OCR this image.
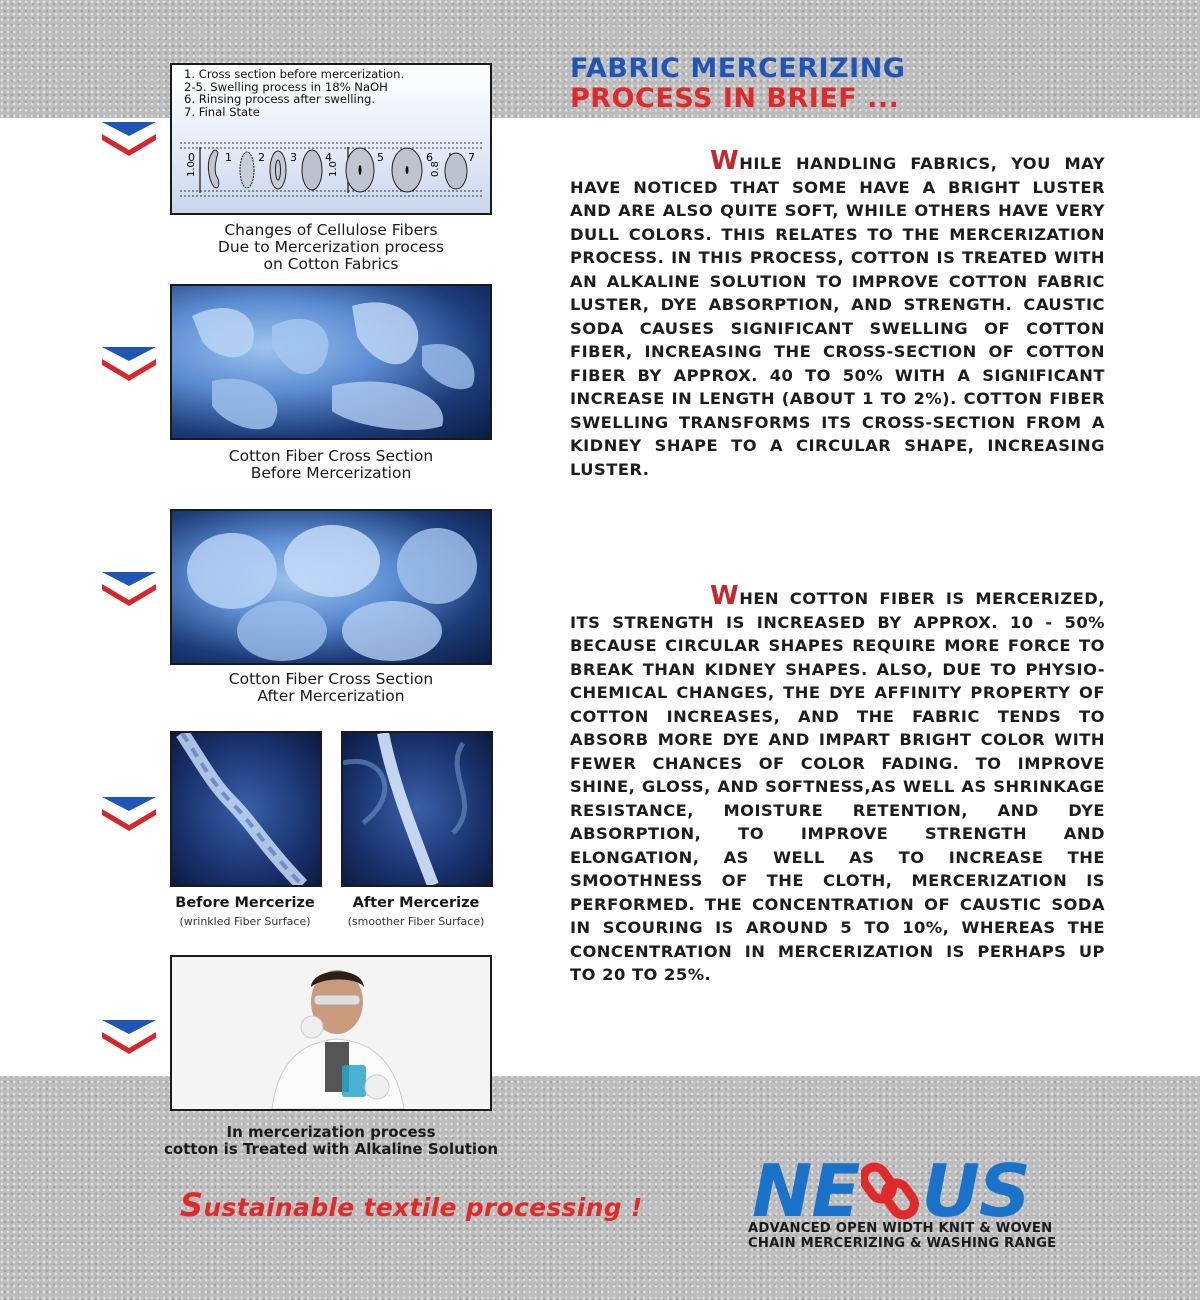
1. Cross section before mercerization.
2-5. Swelling process in 18% NaOH
6. Rinsing process after swelling.
7. Final State
0	1 2 3	4	5	6	7
1.0	1.0	0.8
Changes of Cellulose Fibers
Due to Mercerization process
on Cotton Fabrics
Cotton Fiber Cross Section
Before Mercerization
Cotton Fiber Cross Section
After Mercerization
Before Mercerize
(wrinkled Fiber Surface)
After Mercerize
(smoother Fiber Surface)
In mercerization process
cotton is Treated with Alkaline Solution
FABRIC MERCERIZING
PROCESS IN BRIEF ...
WHILE HANDLING FABRICS, YOU MAY HAVE NOTICED THAT SOME HAVE A BRIGHT LUSTER AND ARE ALSO QUITE SOFT, WHILE OTHERS HAVE VERY DULL COLORS. THIS RELATES TO THE MERCERIZATION PROCESS. IN THIS PROCESS, COTTON IS TREATED WITH AN ALKALINE SOLUTION TO IMPROVE COTTON FABRIC LUSTER, DYE ABSORPTION, AND STRENGTH. CAUSTIC SODA CAUSES SIGNIFICANT SWELLING OF COTTON FIBER, INCREASING THE CROSS-SECTION OF COTTON FIBER BY APPROX. 40 TO 50% WITH A SIGNIFICANT INCREASE IN LENGTH (ABOUT 1 TO 2%). COTTON FIBER SWELLING TRANSFORMS ITS CROSS-SECTION FROM A KIDNEY SHAPE TO A CIRCULAR SHAPE, INCREASING LUSTER.
WHEN COTTON FIBER IS MERCERIZED, ITS STRENGTH IS INCREASED BY APPROX. 10 - 50% BECAUSE CIRCULAR SHAPES REQUIRE MORE FORCE TO BREAK THAN KIDNEY SHAPES. ALSO, DUE TO PHYSIO-CHEMICAL CHANGES, THE DYE AFFINITY PROPERTY OF COTTON INCREASES, AND THE FABRIC TENDS TO ABSORB MORE DYE AND IMPART BRIGHT COLOR WITH FEWER CHANCES OF COLOR FADING. TO IMPROVE SHINE, GLOSS, AND SOFTNESS,AS WELL AS SHRINKAGE RESISTANCE, MOISTURE RETENTION, AND DYE ABSORPTION, TO IMPROVE STRENGTH AND ELONGATION, AS WELL AS TO INCREASE THE SMOOTHNESS OF THE CLOTH, MERCERIZATION IS PERFORMED. THE CONCENTRATION OF CAUSTIC SODA IN SCOURING IS AROUND 5 TO 10%, WHEREAS THE CONCENTRATION IN MERCERIZATION IS PERHAPS UP TO 20 TO 25%.
Sustainable textile processing ! NE US
ADVANCED OPEN WIDTH KNIT & WOVEN
CHAIN MERCERIZING & WASHING RANGE
